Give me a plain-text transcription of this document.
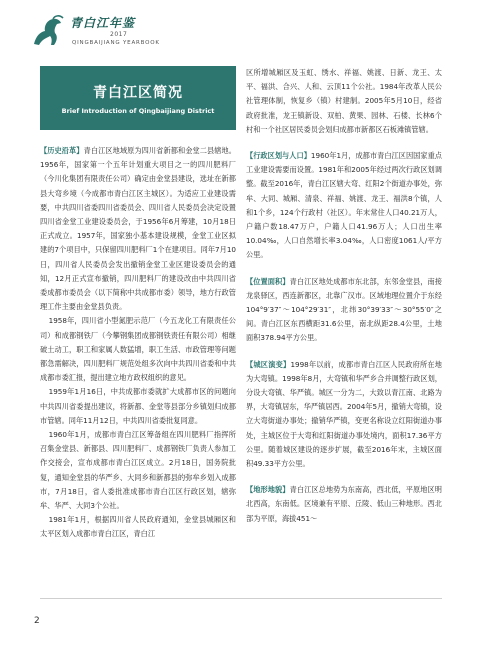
青白江年鉴
2017
QINGBAIJIANG YEARBOOK
青白江区简况
Brief Introduction of Qingbaijiang District

【历史沿革】青白江区地域原为四川省新都和金堂二县辖地。1956年，国家第一个五年计划重大项目之一的四川肥料厂（今川化集团有限责任公司）确定由金堂县建设，选址在新都县大弯乡境（今成都市青白江区主城区）。为适应工业建设需要，中共四川省委四川省委员会、四川省人民委员会决定设置四川省金堂工业建设委员会，于1956年6月筹建，10月18日正式成立。1957年，国家独小基本建设规模，金堂工业区拟建的7个项目中，只保留四川肥料厂1个在建项目。同年7月10日，四川省人民委员会发出撤销金堂工业区建设委员会的通知，12月正式宣布撤销，四川肥料厂的建设改由中共四川省委成都市委员会（以下简称中共成都市委）领导，地方行政管理工作主要由金堂县负责。

1958年，四川省小型氮肥示范厂（今五龙化工有限责任公司）和成都钢铁厂（今攀钢集团成都钢铁责任有限公司）相继破土动工，职工和家属人数猛增，职工生活、市政管理等问题都急需解决，四川肥料厂规范处组多次向中共四川省委和中共成都市委汇报，提出建立地方政权组织的意见。

1959年1月16日，中共成都市委就扩大成都市区的问题向中共四川省委提出建议，将新都、金堂等县部分乡镇划归成都市管辖。同年11月12日，中共四川省委批复同意。

1960年1月，成都市青白江区筹备组在四川肥料厂指挥所召集金堂县、新都县、四川肥料厂、成都钢铁厂负责人参加工作交接会，宣布成都市青白江区成立。2月18日，国务院批复，通知金堂县的华严乡、大同乡和新都县的弥牟乡划入成都市，7月18日，省人委批准成都市青白江区行政区划，辖弥牟、华严、大同3个公社。

1981年1月，根据四川省人民政府通知，金堂县城厢区和太平区划入成都市青白江区，青白江

区所增城厢区及玉虹、绣水、祥福、姚渡、日新、龙王、太平、福洪、合兴、人和、云顶11个公社。1984年改革人民公社管理体制，恢复乡（镇）村建制。2005年5月10日，经省政府批准，龙王镇新设、双柏、黄果、园林、石楼、长林6个村和一个社区居民委员会划归成都市新都区石板滩镇管辖。

【行政区划与人口】1960年1月，成都市青白江区因国家重点工业建设需要而设置。1981年和2005年经过两次行政区划调整。截至2016年，青白江区辖大弯、红阳2个街道办事处，弥牟、大同、城厢、清泉、祥福、姚渡、龙王、福洪8个镇，人和1个乡，124个行政村（社区）。年末常住人口40.21万人，户籍户数18.47万户，户籍人口41.96万人；人口出生率10.04‰，人口自然增长率3.04‰，人口密度1061人/平方公里。

【位置面积】青白江区地处成都市东北部，东邻金堂县，南接龙泉驿区，西连新都区，北靠广汉市。区域地理位置介于东经104°9′37″～104°29′31″，北纬30°39′33″～30°55′0″之间。青白江区东西横距31.6公里，南北纵距28.4公里，土地面积378.94平方公里。

【城区演变】1998年以前，成都市青白江区人民政府所在地为大弯镇。1998年8月，大弯镇和华严乡合并调整行政区划，分设大弯镇、华严镇。城区一分为二，大致以青江南、北路为界，大弯镇居东，华严镇居西。2004年5月，撤销大弯镇，设立大弯街道办事处；撤销华严镇，变更名称设立红阳街道办事处，主城区位于大弯和红阳街道办事处境内，面积17.36平方公里。随着城区建设的逐步扩展，截至2016年末，主城区面积49.33平方公里。

【地形地貌】青白江区总地势为东南高，西北低，平原地区明北西高，东南低。区境兼有平原、丘陵、低山三种地形。西北部为平原，海拔451～

2
